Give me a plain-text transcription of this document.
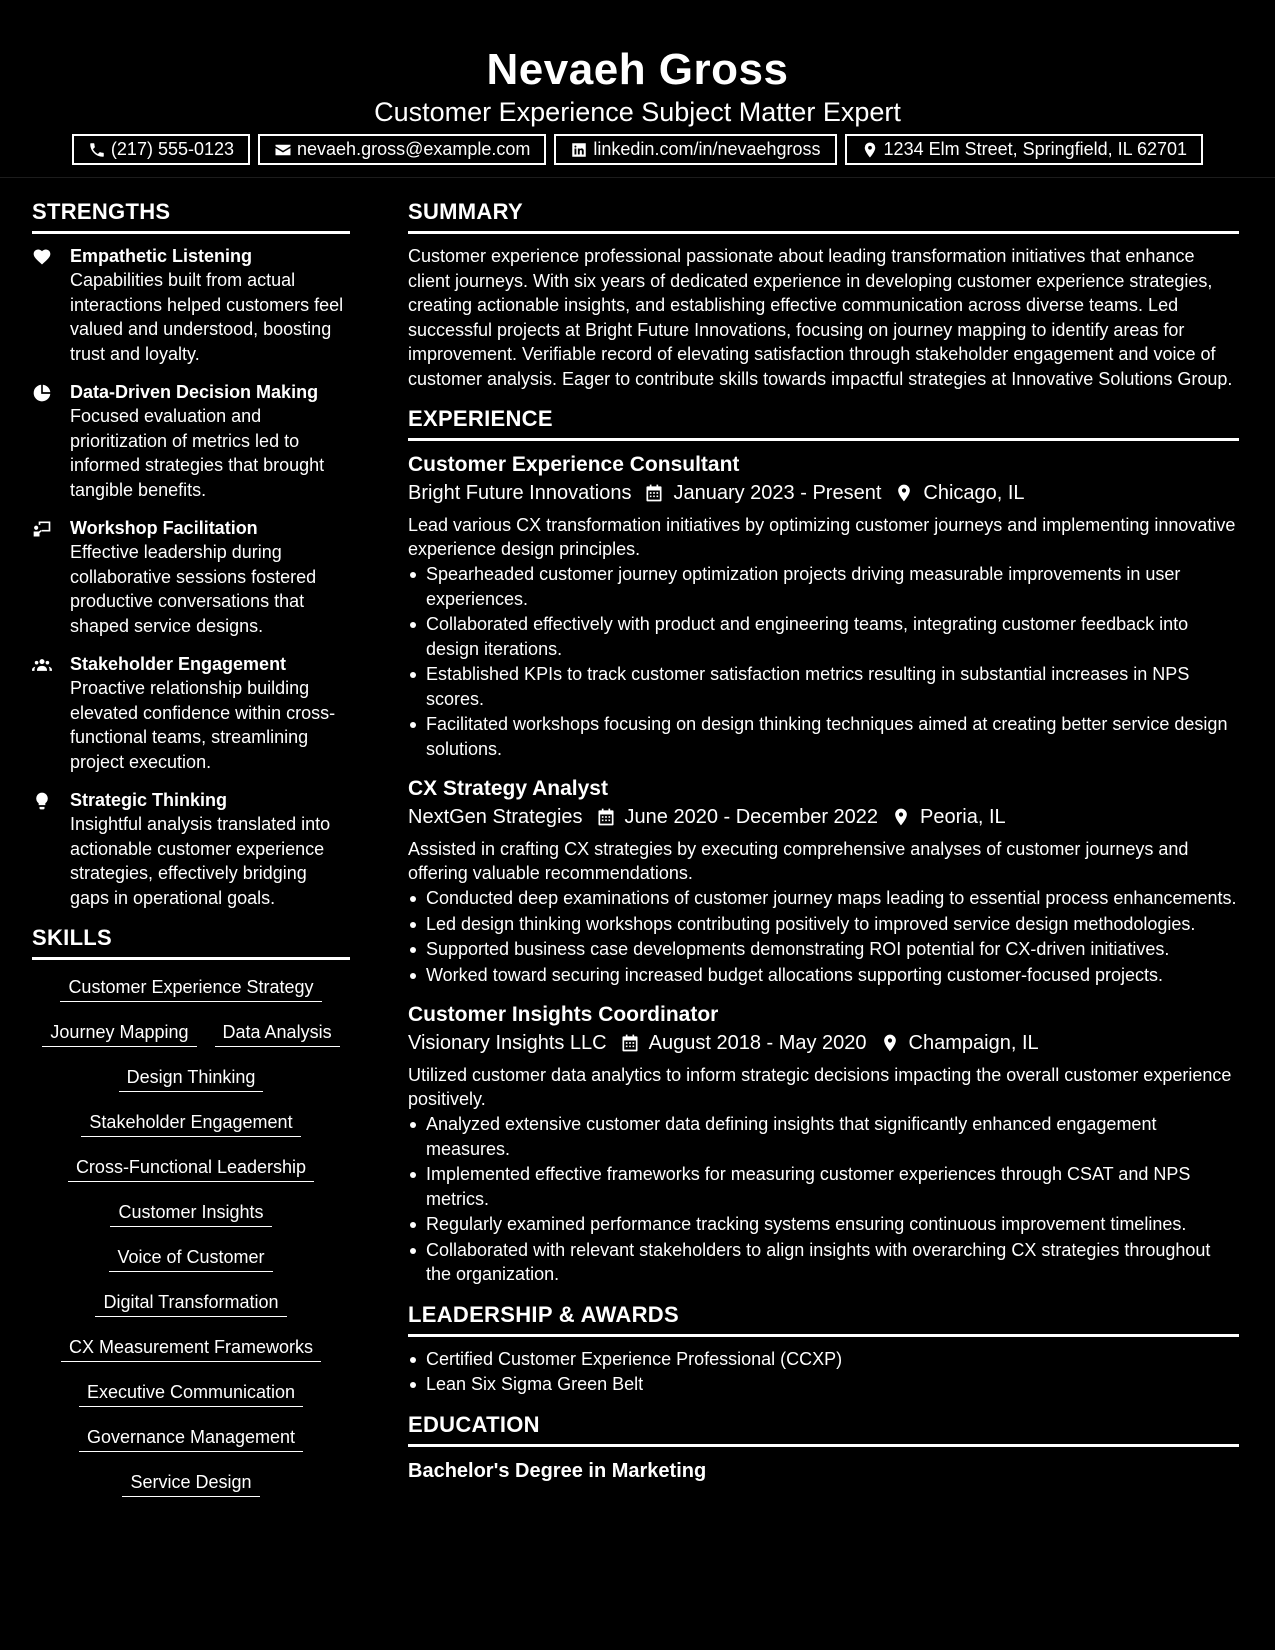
Nevaeh Gross
Customer Experience Subject Matter Expert
(217) 555-0123	nevaeh.gross@example.com	linkedin.com/in/nevaehgross	1234 Elm Street, Springfield, IL 62701
STRENGTHS
Empathetic Listening
Capabilities built from actual interactions helped customers feel valued and understood, boosting trust and loyalty.
Data-Driven Decision Making
Focused evaluation and prioritization of metrics led to informed strategies that brought tangible benefits.
Workshop Facilitation
Effective leadership during collaborative sessions fostered productive conversations that shaped service designs.
Stakeholder Engagement
Proactive relationship building elevated confidence within cross-functional teams, streamlining project execution.
Strategic Thinking
Insightful analysis translated into actionable customer experience strategies, effectively bridging gaps in operational goals.
SKILLS
Customer Experience Strategy
Journey Mapping	Data Analysis
Design Thinking
Stakeholder Engagement
Cross-Functional Leadership
Customer Insights
Voice of Customer
Digital Transformation
CX Measurement Frameworks
Executive Communication
Governance Management
Service Design
SUMMARY
Customer experience professional passionate about leading transformation initiatives that enhance client journeys. With six years of dedicated experience in developing customer experience strategies, creating actionable insights, and establishing effective communication across diverse teams. Led successful projects at Bright Future Innovations, focusing on journey mapping to identify areas for improvement. Verifiable record of elevating satisfaction through stakeholder engagement and voice of customer analysis. Eager to contribute skills towards impactful strategies at Innovative Solutions Group.
EXPERIENCE
Customer Experience Consultant
Bright Future Innovations January 2023 - Present Chicago, IL
Lead various CX transformation initiatives by optimizing customer journeys and implementing innovative experience design principles.
Spearheaded customer journey optimization projects driving measurable improvements in user experiences.
Collaborated effectively with product and engineering teams, integrating customer feedback into design iterations.
Established KPIs to track customer satisfaction metrics resulting in substantial increases in NPS scores.
Facilitated workshops focusing on design thinking techniques aimed at creating better service design solutions.
CX Strategy Analyst
NextGen Strategies June 2020 - December 2022 Peoria, IL
Assisted in crafting CX strategies by executing comprehensive analyses of customer journeys and offering valuable recommendations.
Conducted deep examinations of customer journey maps leading to essential process enhancements.
Led design thinking workshops contributing positively to improved service design methodologies.
Supported business case developments demonstrating ROI potential for CX-driven initiatives.
Worked toward securing increased budget allocations supporting customer-focused projects.
Customer Insights Coordinator
Visionary Insights LLC August 2018 - May 2020 Champaign, IL
Utilized customer data analytics to inform strategic decisions impacting the overall customer experience positively.
Analyzed extensive customer data defining insights that significantly enhanced engagement measures.
Implemented effective frameworks for measuring customer experiences through CSAT and NPS metrics.
Regularly examined performance tracking systems ensuring continuous improvement timelines.
Collaborated with relevant stakeholders to align insights with overarching CX strategies throughout the organization.
LEADERSHIP & AWARDS
Certified Customer Experience Professional (CCXP)
Lean Six Sigma Green Belt
EDUCATION
Bachelor's Degree in Marketing
